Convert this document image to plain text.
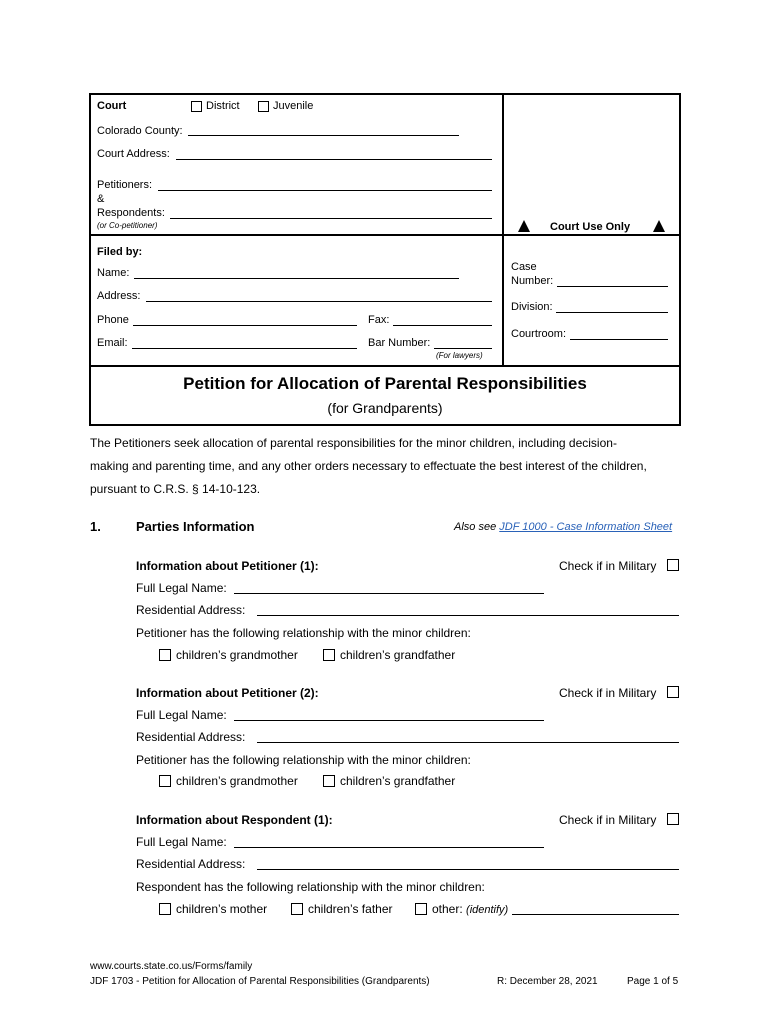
Court	District	Juvenile
Colorado County:
Court Address:
Petitioners:
&
Respondents:
(or Co-petitioner)	Court Use Only
Filed by:
Name:
Address:
Phone	Fax:
Email:	Bar Number:
(For lawyers)
Case
Number:
Division:
Courtroom:
Petition for Allocation of Parental Responsibilities
(for Grandparents)
The Petitioners seek allocation of parental responsibilities for the minor children, including decision-
making and parenting time, and any other orders necessary to effectuate the best interest of the children,
pursuant to C.R.S. § 14-10-123.
1.	Parties Information	Also see JDF 1000 - Case Information Sheet
Information about Petitioner (1):	Check if in Military
Full Legal Name:
Residential Address:
Petitioner has the following relationship with the minor children:
children’s grandmother	children’s grandfather
Information about Petitioner (2):	Check if in Military
Full Legal Name:
Residential Address:
Petitioner has the following relationship with the minor children:
children’s grandmother	children’s grandfather
Information about Respondent (1):	Check if in Military
Full Legal Name:
Residential Address:
Respondent has the following relationship with the minor children:
children’s mother	children’s father	other: (identify)
www.courts.state.co.us/Forms/family
JDF 1703 - Petition for Allocation of Parental Responsibilities (Grandparents)	R: December 28, 2021	Page 1 of 5
